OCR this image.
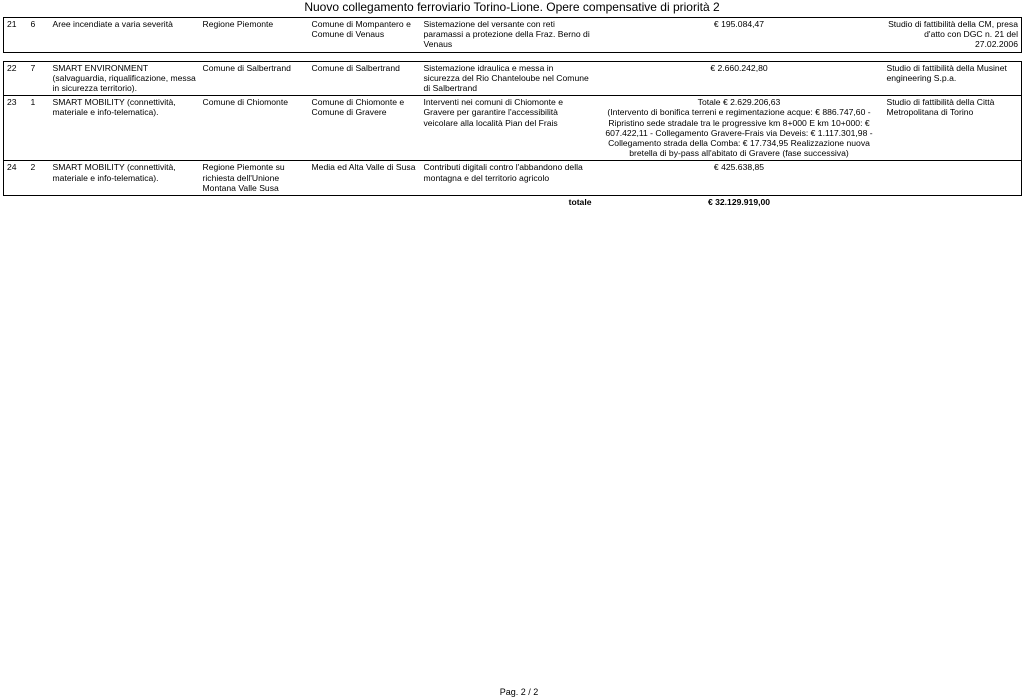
Nuovo collegamento ferroviario Torino-Lione. Opere compensative di priorità 2
21	6	Aree incendiate a varia severità	Regione Piemonte	Comune di Mompantero e Comune di Venaus	Sistemazione del versante con reti paramassi a protezione della Fraz. Berno di Venaus	€ 195.084,47	Studio di fattibilità della CM, presa d'atto con DGC n. 21 del 27.02.2006

22	7	SMART ENVIRONMENT (salvaguardia, riqualificazione, messa in sicurezza territorio).	Comune di Salbertrand	Comune di Salbertrand	Sistemazione idraulica e messa in sicurezza del Rio Chanteloube nel Comune di Salbertrand	€ 2.660.242,80	Studio di fattibilità della Musinet engineering S.p.a.
23	1	SMART MOBILITY (connettività, materiale e info-telematica).	Comune di Chiomonte	Comune di Chiomonte e Comune di Gravere	Interventi nei comuni di Chiomonte e Gravere per garantire l'accessibilità veicolare alla località Pian del Frais	Totale € 2.629.206,63
(Intervento di bonifica terreni e regimentazione acque: € 886.747,60 - Ripristino sede stradale tra le progressive km 8+000 E km 10+000: € 607.422,11 - Collegamento Gravere-Frais via Deveis: € 1.117.301,98 - Collegamento strada della Comba: € 17.734,95 Realizzazione nuova bretella di by-pass all'abitato di Gravere (fase successiva)	Studio di fattibilità della Città Metropolitana di Torino
24	2	SMART MOBILITY (connettività, materiale e info-telematica).	Regione Piemonte su richiesta dell'Unione Montana Valle Susa	Media ed Alta Valle di Susa	Contributi digitali contro l'abbandono della montagna e del territorio agricolo	€ 425.638,85	
					totale	€ 32.129.919,00	
Pag. 2 / 2
